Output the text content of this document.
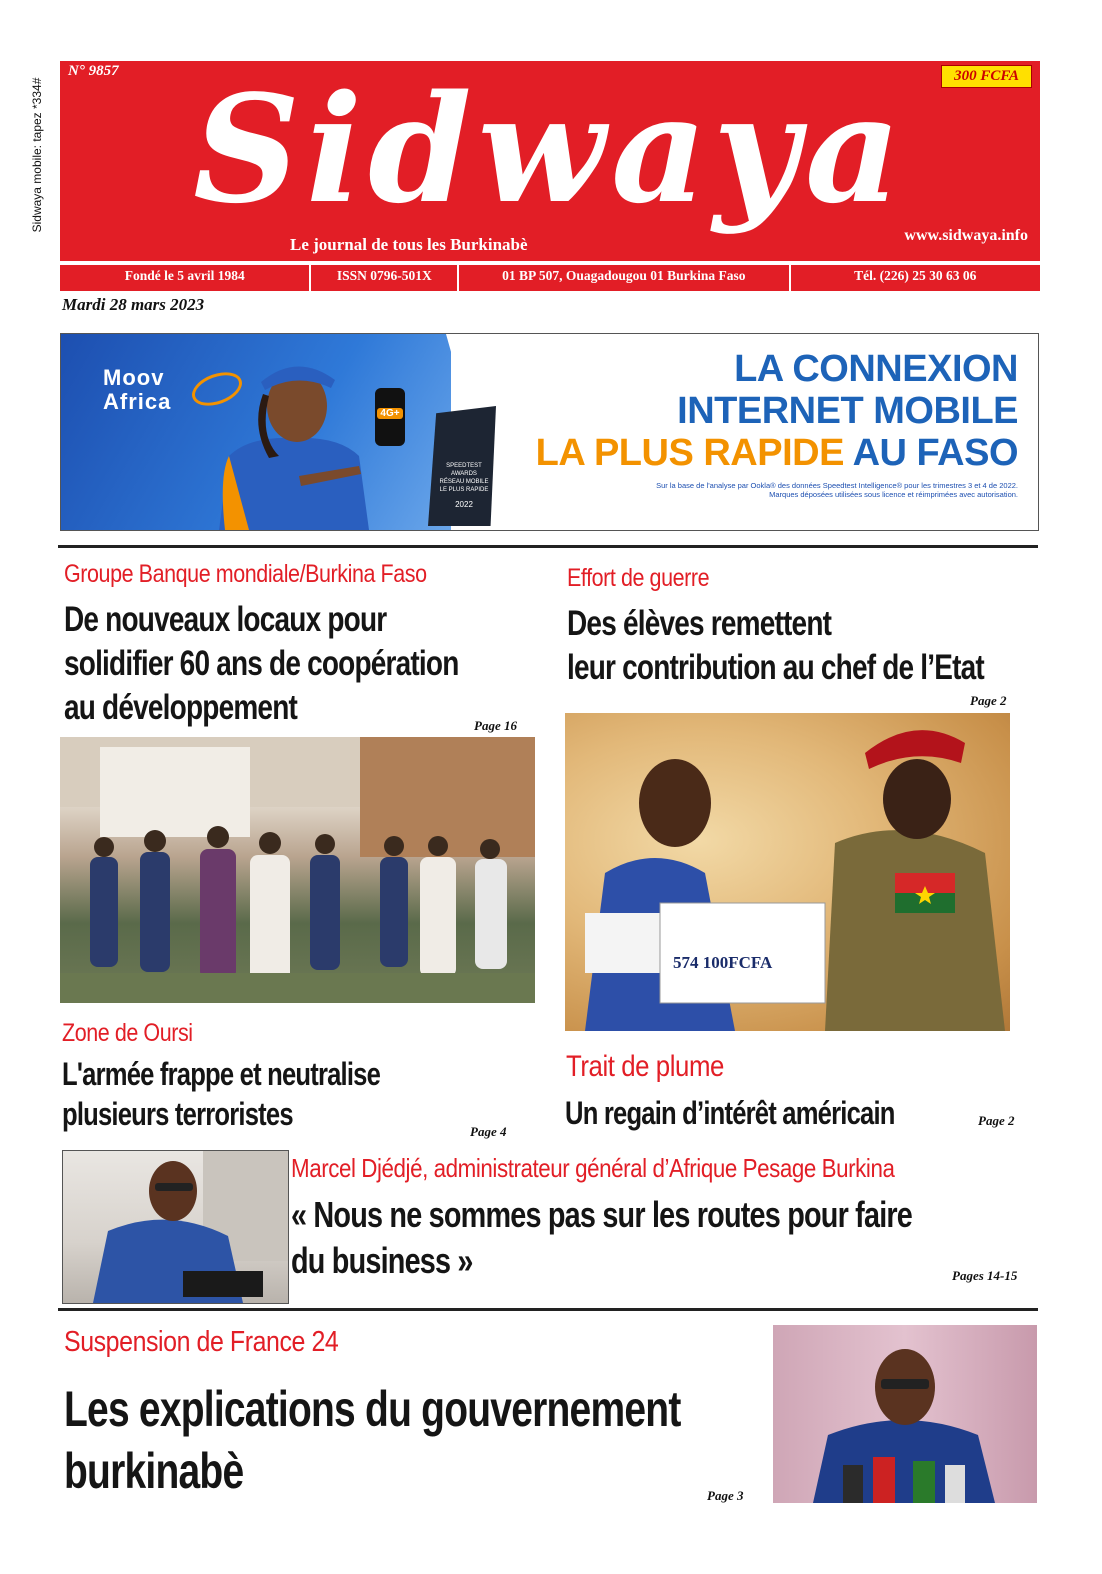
Sidwaya mobile: tapez *334#
N° 9857	300 FCFA
Sidwaya
Le journal de tous les Burkinabè	www.sidwaya.info
Fondé le 5 avril 1984	ISSN 0796-501X	01 BP 507, Ouagadougou 01 Burkina Faso	Tél. (226) 25 30 63 06
Mardi 28 mars 2023
Moov
Africa	4G+
SPEEDTEST AWARDS
RÉSEAU MOBILE LE PLUS RAPIDE
2022
LA CONNEXION
INTERNET MOBILE
LA PLUS RAPIDE AU FASO
Sur la base de l'analyse par Ookla® des données Speedtest Intelligence® pour les trimestres 3 et 4 de 2022.
Marques déposées utilisées sous licence et réimprimées avec autorisation.
Groupe Banque mondiale/Burkina Faso
De nouveaux locaux pour
solidifier 60 ans de coopération
au développement	Page 16
Effort de guerre
Des élèves remettent
leur contribution au chef de l’Etat
Page 2
574 100FCFA
Zone de Oursi
L'armée frappe et neutralise
plusieurs terroristes	Page 4
Trait de plume
Un regain d’intérêt américain	Page 2
Marcel Djédjé, administrateur général d’Afrique Pesage Burkina
« Nous ne sommes pas sur les routes pour faire
du business »	Pages 14-15
Suspension de France 24
Les explications du gouvernement
burkinabè	Page 3
